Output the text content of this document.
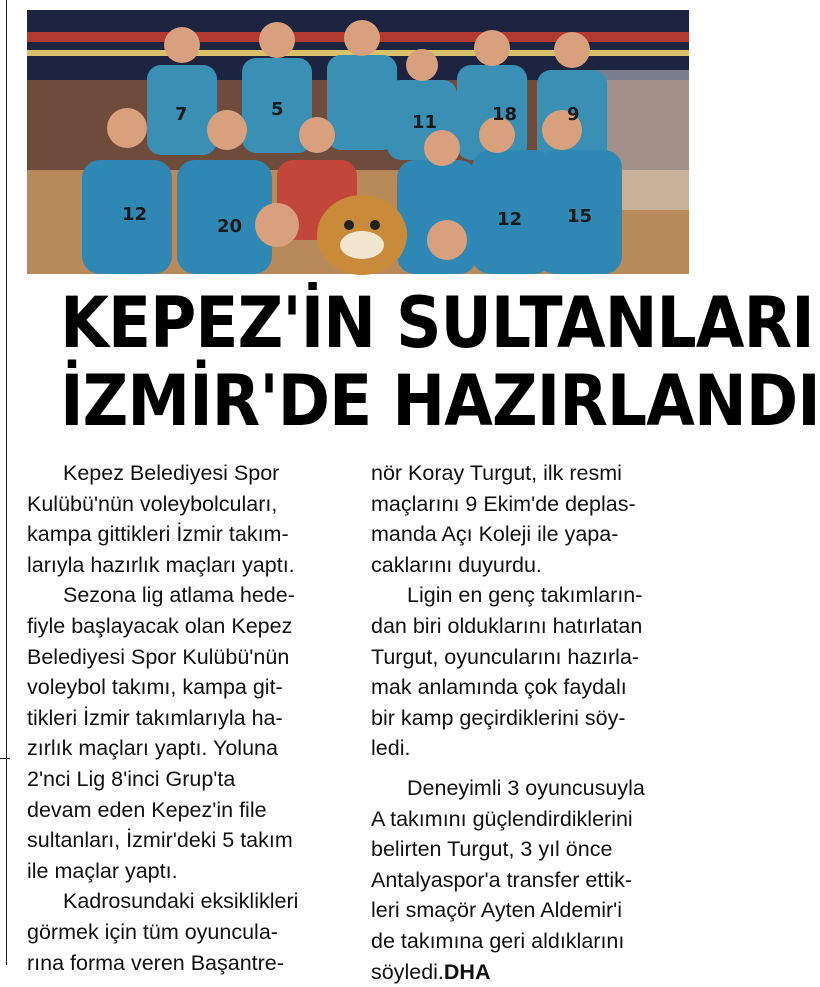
7	5
12
11	18	9
12
20	15
KEPEZ'İN SULTANLARI
İZMİR'DE HAZIRLANDI
Kepez Belediyesi Spor
Kulübü'nün voleybolcuları,
kampa gittikleri İzmir takım-
larıyla hazırlık maçları yaptı.
Sezona lig atlama hede-
fiyle başlayacak olan Kepez
Belediyesi Spor Kulübü'nün
voleybol takımı, kampa git-
tikleri İzmir takımlarıyla ha-
zırlık maçları yaptı. Yoluna
2'nci Lig 8'inci Grup'ta
devam eden Kepez'in file
sultanları, İzmir'deki 5 takım
ile maçlar yaptı.
Kadrosundaki eksiklikleri
görmek için tüm oyuncula-
rına forma veren Başantre-
nör Koray Turgut, ilk resmi
maçlarını 9 Ekim'de deplas-
manda Açı Koleji ile yapa-
caklarını duyurdu.
Ligin en genç takımların-
dan biri olduklarını hatırlatan
Turgut, oyuncularını hazırla-
mak anlamında çok faydalı
bir kamp geçirdiklerini söy-
ledi.
Deneyimli 3 oyuncusuyla
A takımını güçlendirdiklerini
belirten Turgut, 3 yıl önce
Antalyaspor'a transfer ettik-
leri smaçör Ayten Aldemir'i
de takımına geri aldıklarını
söyledi.DHA
